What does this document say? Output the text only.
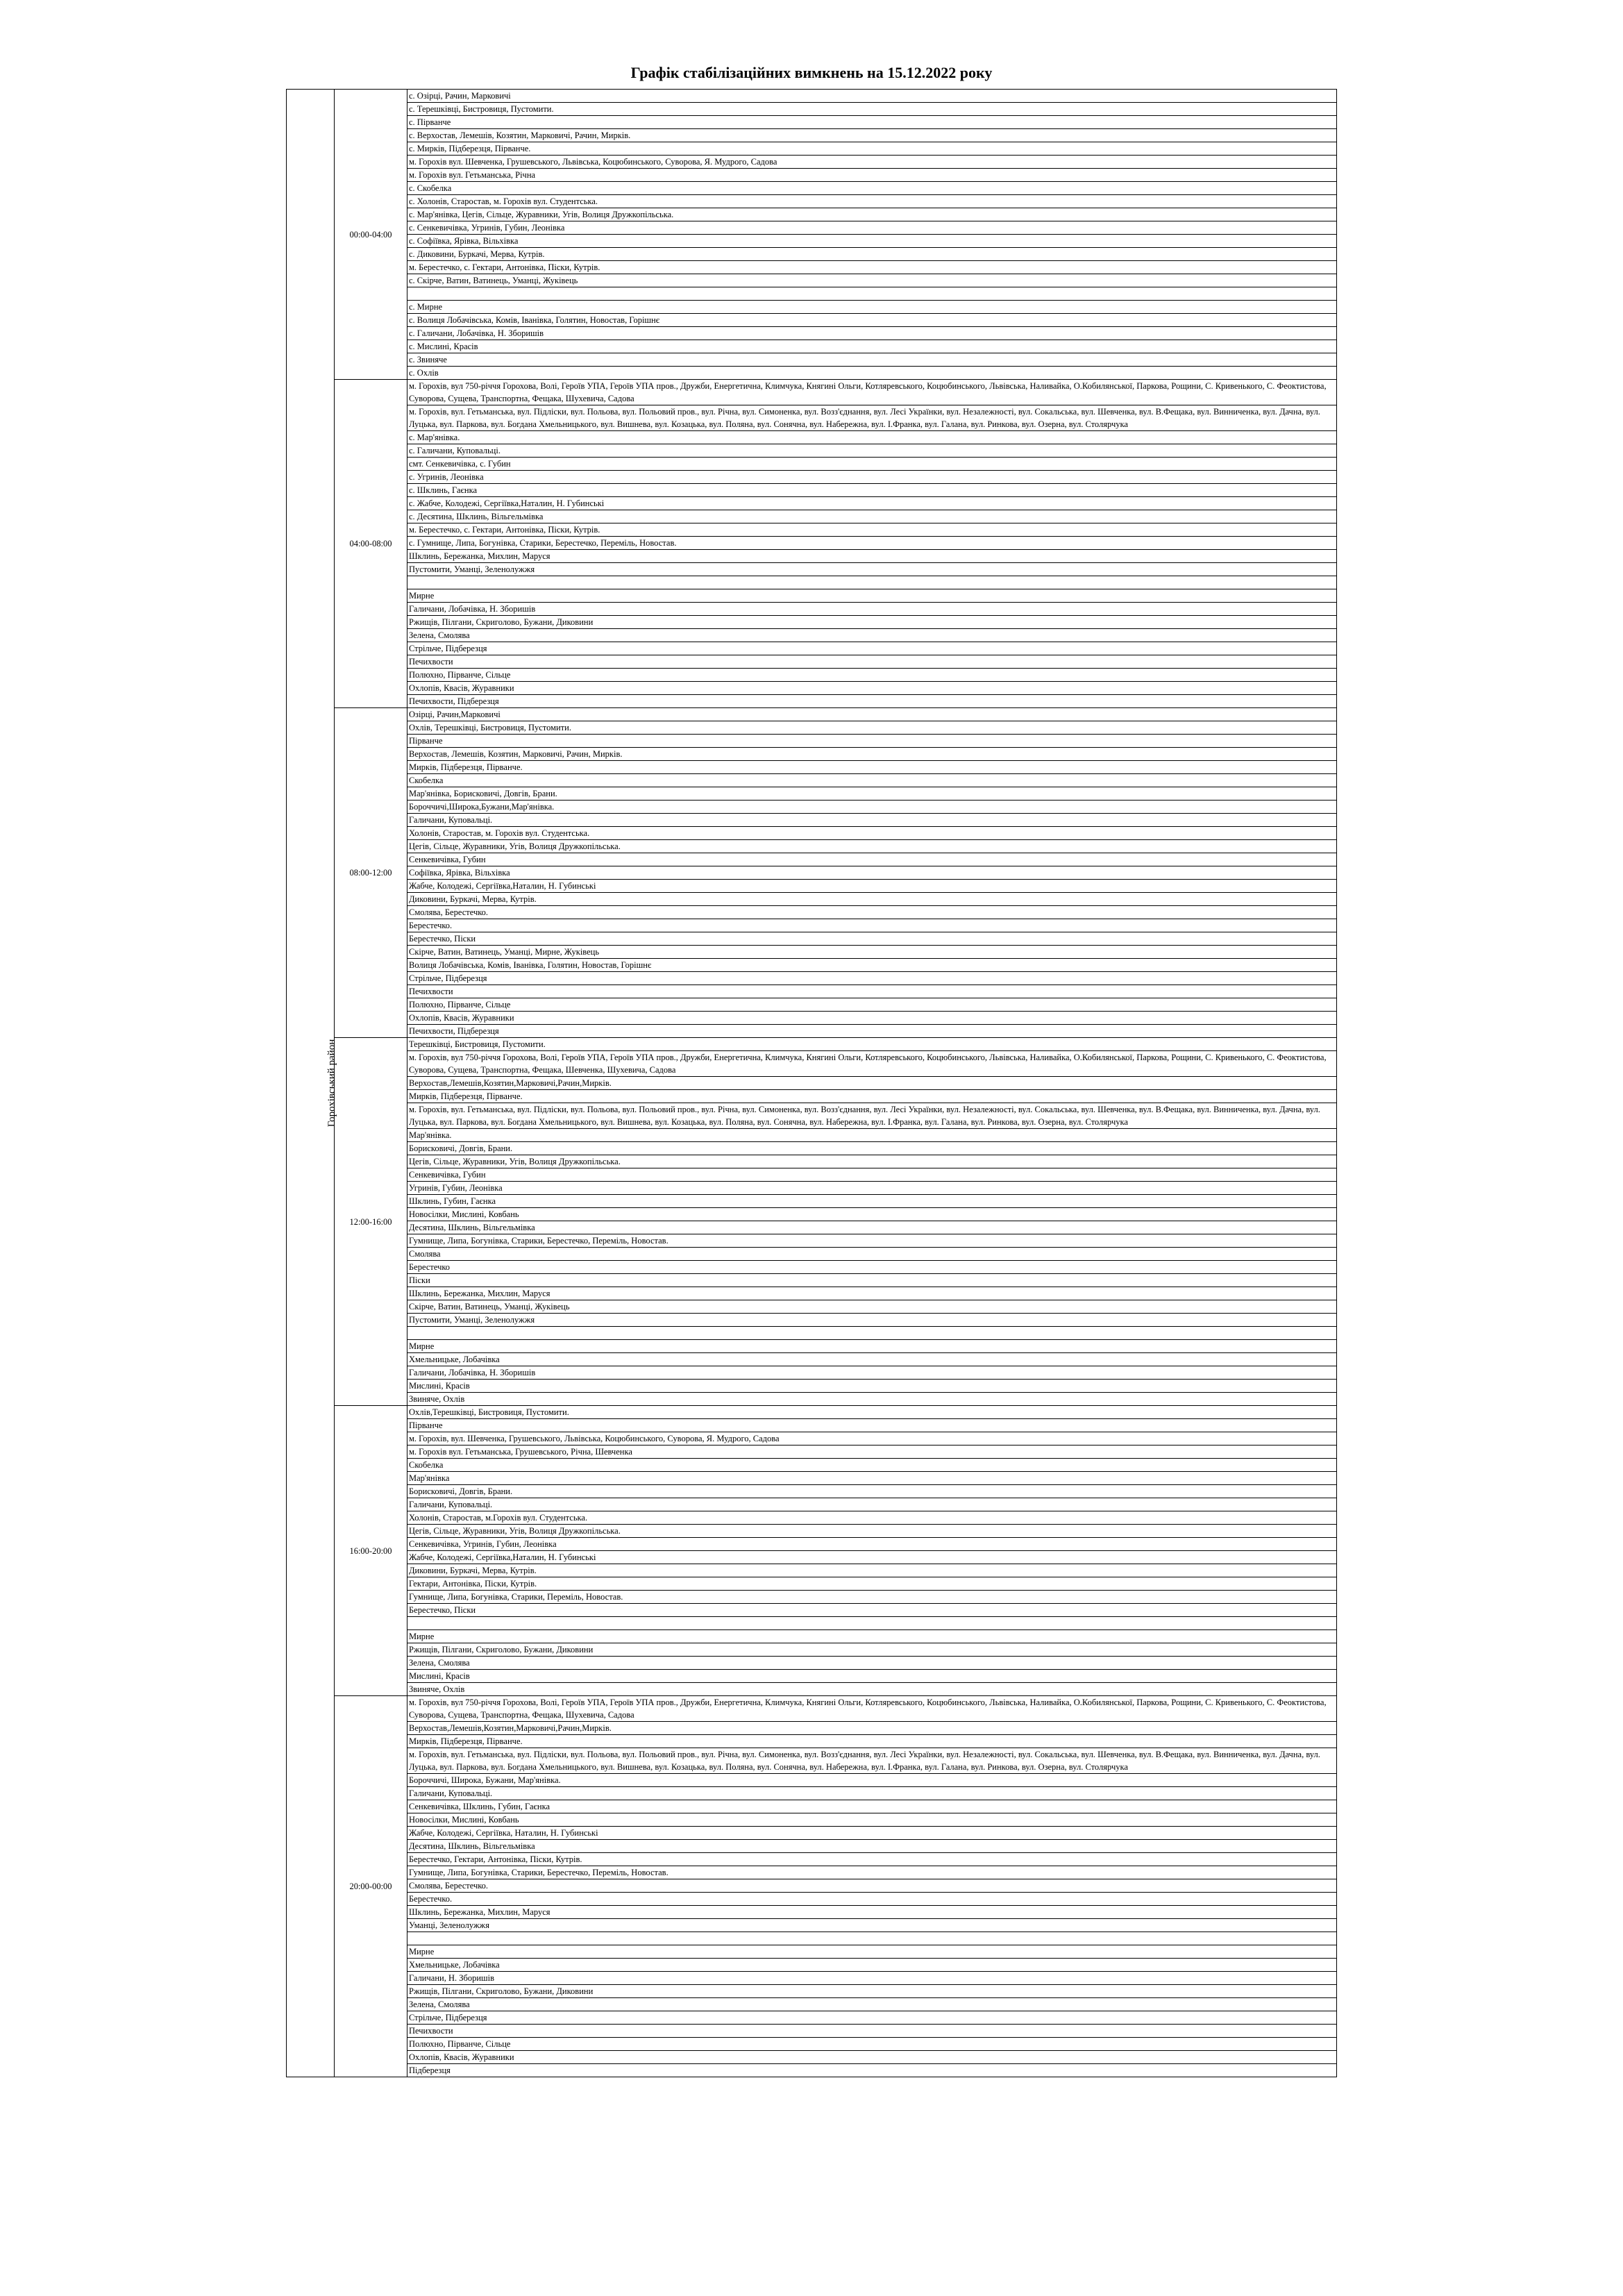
Графік стабілізаційних вимкнень на 15.12.2022 року
Горохівський район	00:00-04:00	с. Озірці, Рачин, Марковичі
		с. Терешківці, Бистровиця, Пустомити.
		с. Пірванче
		с. Верхостав, Лемешів, Козятин, Марковичі, Рачин, Мирків.
		с. Мирків, Підберезця, Пірванче.
		м. Горохів вул. Шевченка, Грушевського, Львівська, Коцюбинського, Суворова, Я. Мудрого, Садова
		м. Горохів вул. Гетьманська, Річна
		с. Скобелка
		с. Холонів, Старостав, м. Горохів вул. Студентська.
		с. Мар'янівка, Цегів, Сільце, Журавники, Угів, Волиця Дружкопільська.
		с. Сенкевичівка, Угринів, Губин, Леонівка
		с. Софіївка, Ярівка, Вільхівка
		с. Диковини, Буркачі, Мерва, Кутрів.
		м. Берестечко, с. Гектари, Антонівка, Піски, Кутрів.
		с. Скірче, Ватин, Ватинець, Уманці, Жуківець

		с. Мирне
		с. Волиця Лобачівська, Комів, Іванівка, Голятин, Новостав, Горішнє
		с. Галичани, Лобачівка, Н. Зборишів
		с. Мислині, Красів
		с. Звиняче
		с. Охлів
	04:00-08:00	м. Горохів, вул 750-річчя Горохова, Волі, Героїв УПА, Героїв УПА пров., Дружби, Енергетична, Климчука, Княгині Ольги, Котляревського, Коцюбинського, Львівська, Наливайка, О.Кобилянської, Паркова, Рощини, С. Кривенького, С. Феоктистова, Суворова, Сущева, Транспортна, Фещака, Шухевича, Садова
		м. Горохів, вул. Гетьманська, вул. Підліски, вул. Польова, вул. Польовий пров., вул. Річна, вул. Симоненка, вул. Возз'єднання, вул. Лесі Українки, вул. Незалежності, вул. Сокальська, вул. Шевченка, вул. В.Фещака, вул. Винниченка, вул. Дачна, вул. Луцька, вул. Паркова, вул. Богдана Хмельницького, вул. Вишнева, вул. Козацька, вул. Поляна, вул. Сонячна, вул. Набережна, вул. І.Франка, вул. Галана, вул. Ринкова, вул. Озерна, вул. Столярчука
		с. Мар'янівка.
		с. Галичани, Куповальці.
		смт. Сенкевичівка, с. Губин
		с. Угринів, Леонівка
		с. Шклинь, Гаєнка
		с. Жабче, Колодежі, Сергіївка,Наталин, Н. Губинські
		с. Десятина, Шклинь, Вільгельмівка
		м. Берестечко, с. Гектари, Антонівка, Піски, Кутрів.
		с. Гумнище, Липа, Богунівка, Старики, Берестечко, Переміль, Новостав.
		Шклинь, Бережанка, Михлин, Маруся
		Пустомити, Уманці, Зеленолужжя

		Мирне
		Галичани, Лобачівка, Н. Зборишів
		Ржищів, Пілгани, Скриголово, Бужани, Диковини
		Зелена, Смолява
		Стрільче, Підберезця
		Печихвости
		Полюхно, Пірванче, Сільце
		Охлопів, Квасів, Журавники
		Печихвости, Підберезця
	08:00-12:00	Озірці, Рачин,Марковичі
		Охлів, Терешківці, Бистровиця, Пустомити.
		Пірванче
		Верхостав, Лемешів, Козятин, Марковичі, Рачин, Мирків.
		Мирків, Підберезця, Пірванче.
		Скобелка
		Мар'янівка, Борисковичі, Довгів, Брани.
		Бороччичі,Широка,Бужани,Мар'янівка.
		Галичани, Куповальці.
		Холонів, Старостав, м. Горохів вул. Студентська.
		Цегів, Сільце, Журавники, Угів, Волиця Дружкопільська.
		Сенкевичівка, Губин
		Софіївка, Ярівка, Вільхівка
		Жабче, Колодежі, Сергіївка,Наталин, Н. Губинські
		Диковини, Буркачі, Мерва, Кутрів.
		Смолява, Берестечко.
		Берестечко.
		Берестечко, Піски
		Скірче, Ватин, Ватинець, Уманці, Мирне, Жуківець
		Волиця Лобачівська, Комів, Іванівка, Голятин, Новостав, Горішнє
		Стрільче, Підберезця
		Печихвости
		Полюхно, Пірванче, Сільце
		Охлопів, Квасів, Журавники
		Печихвости, Підберезця
	12:00-16:00	Терешківці, Бистровиця, Пустомити.
		м. Горохів, вул 750-річчя Горохова, Волі, Героїв УПА, Героїв УПА пров., Дружби, Енергетична, Климчука, Княгині Ольги, Котляревського, Коцюбинського, Львівська, Наливайка, О.Кобилянської, Паркова, Рощини, С. Кривенького, С. Феоктистова, Суворова, Сущева, Транспортна, Фещака, Шевченка, Шухевича, Садова
		Верхостав,Лемешів,Козятин,Марковичі,Рачин,Мирків.
		Мирків, Підберезця, Пірванче.
		м. Горохів, вул. Гетьманська, вул. Підліски, вул. Польова, вул. Польовий пров., вул. Річна, вул. Симоненка, вул. Возз'єднання, вул. Лесі Українки, вул. Незалежності, вул. Сокальська, вул. Шевченка, вул. В.Фещака, вул. Винниченка, вул. Дачна, вул. Луцька, вул. Паркова, вул. Богдана Хмельницького, вул. Вишнева, вул. Козацька, вул. Поляна, вул. Сонячна, вул. Набережна, вул. І.Франка, вул. Галана, вул. Ринкова, вул. Озерна, вул. Столярчука
		Мар'янівка.
		Борисковичі, Довгів, Брани.
		Цегів, Сільце, Журавники, Угів, Волиця Дружкопільська.
		Сенкевичівка, Губин
		Угринів, Губин, Леонівка
		Шклинь, Губин, Гаєнка
		Новосілки, Мислині, Ковбань
		Десятина, Шклинь, Вільгельмівка
		Гумнище, Липа, Богунівка, Старики, Берестечко, Переміль, Новостав.
		Смолява
		Берестечко
		Піски
		Шклинь, Бережанка, Михлин, Маруся
		Скірче, Ватин, Ватинець, Уманці, Жуківець
		Пустомити, Уманці, Зеленолужжя

		Мирне
		Хмельницьке, Лобачівка
		Галичани, Лобачівка, Н. Зборишів
		Мислині, Красів
		Звиняче, Охлів
	16:00-20:00	Охлів,Терешківці, Бистровиця, Пустомити.
		Пірванче
		м. Горохів, вул. Шевченка, Грушевського, Львівська, Коцюбинського, Суворова, Я. Мудрого, Садова
		м. Горохів вул. Гетьманська, Грушевського, Річна, Шевченка
		Скобелка
		Мар'янівка
		Борисковичі, Довгів, Брани.
		Галичани, Куповальці.
		Холонів, Старостав, м.Горохів вул. Студентська.
		Цегів, Сільце, Журавники, Угів, Волиця Дружкопільська.
		Сенкевичівка, Угринів, Губин, Леонівка
		Жабче, Колодежі, Сергіївка,Наталин, Н. Губинські
		Диковини, Буркачі, Мерва, Кутрів.
		Гектари, Антонівка, Піски, Кутрів.
		Гумнище, Липа, Богунівка, Старики, Переміль, Новостав.
		Берестечко, Піски

		Мирне
		Ржищів, Пілгани, Скриголово, Бужани, Диковини
		Зелена, Смолява
		Мислині, Красів
		Звиняче, Охлів
	20:00-00:00	м. Горохів, вул 750-річчя Горохова, Волі, Героїв УПА, Героїв УПА пров., Дружби, Енергетична, Климчука, Княгині Ольги, Котляревського, Коцюбинського, Львівська, Наливайка, О.Кобилянської, Паркова, Рощини, С. Кривенького, С. Феоктистова, Суворова, Сущева, Транспортна, Фещака, Шухевича, Садова
		Верхостав,Лемешів,Козятин,Марковичі,Рачин,Мирків.
		Мирків, Підберезця, Пірванче.
		м. Горохів, вул. Гетьманська, вул. Підліски, вул. Польова, вул. Польовий пров., вул. Річна, вул. Симоненка, вул. Возз'єднання, вул. Лесі Українки, вул. Незалежності, вул. Сокальська, вул. Шевченка, вул. В.Фещака, вул. Винниченка, вул. Дачна, вул. Луцька, вул. Паркова, вул. Богдана Хмельницького, вул. Вишнева, вул. Козацька, вул. Поляна, вул. Сонячна, вул. Набережна, вул. І.Франка, вул. Галана, вул. Ринкова, вул. Озерна, вул. Столярчука
		Бороччичі, Широка, Бужани, Мар'янівка.
		Галичани, Куповальці.
		Сенкевичівка, Шклинь, Губин, Гаєнка
		Новосілки, Мислині, Ковбань
		Жабче, Колодежі, Сергіївка, Наталин, Н. Губинські
		Десятина, Шклинь, Вільгельмівка
		Берестечко, Гектари, Антонівка, Піски, Кутрів.
		Гумнище, Липа, Богунівка, Старики, Берестечко, Переміль, Новостав.
		Смолява, Берестечко.
		Берестечко.
		Шклинь, Бережанка, Михлин, Маруся
		Уманці, Зеленолужжя

		Мирне
		Хмельницьке, Лобачівка
		Галичани, Н. Зборишів
		Ржищів, Пілгани, Скриголово, Бужани, Диковини
		Зелена, Смолява
		Стрільче, Підберезця
		Печихвости
		Полюхно, Пірванче, Сільце
		Охлопів, Квасів, Журавники
		Підберезця
